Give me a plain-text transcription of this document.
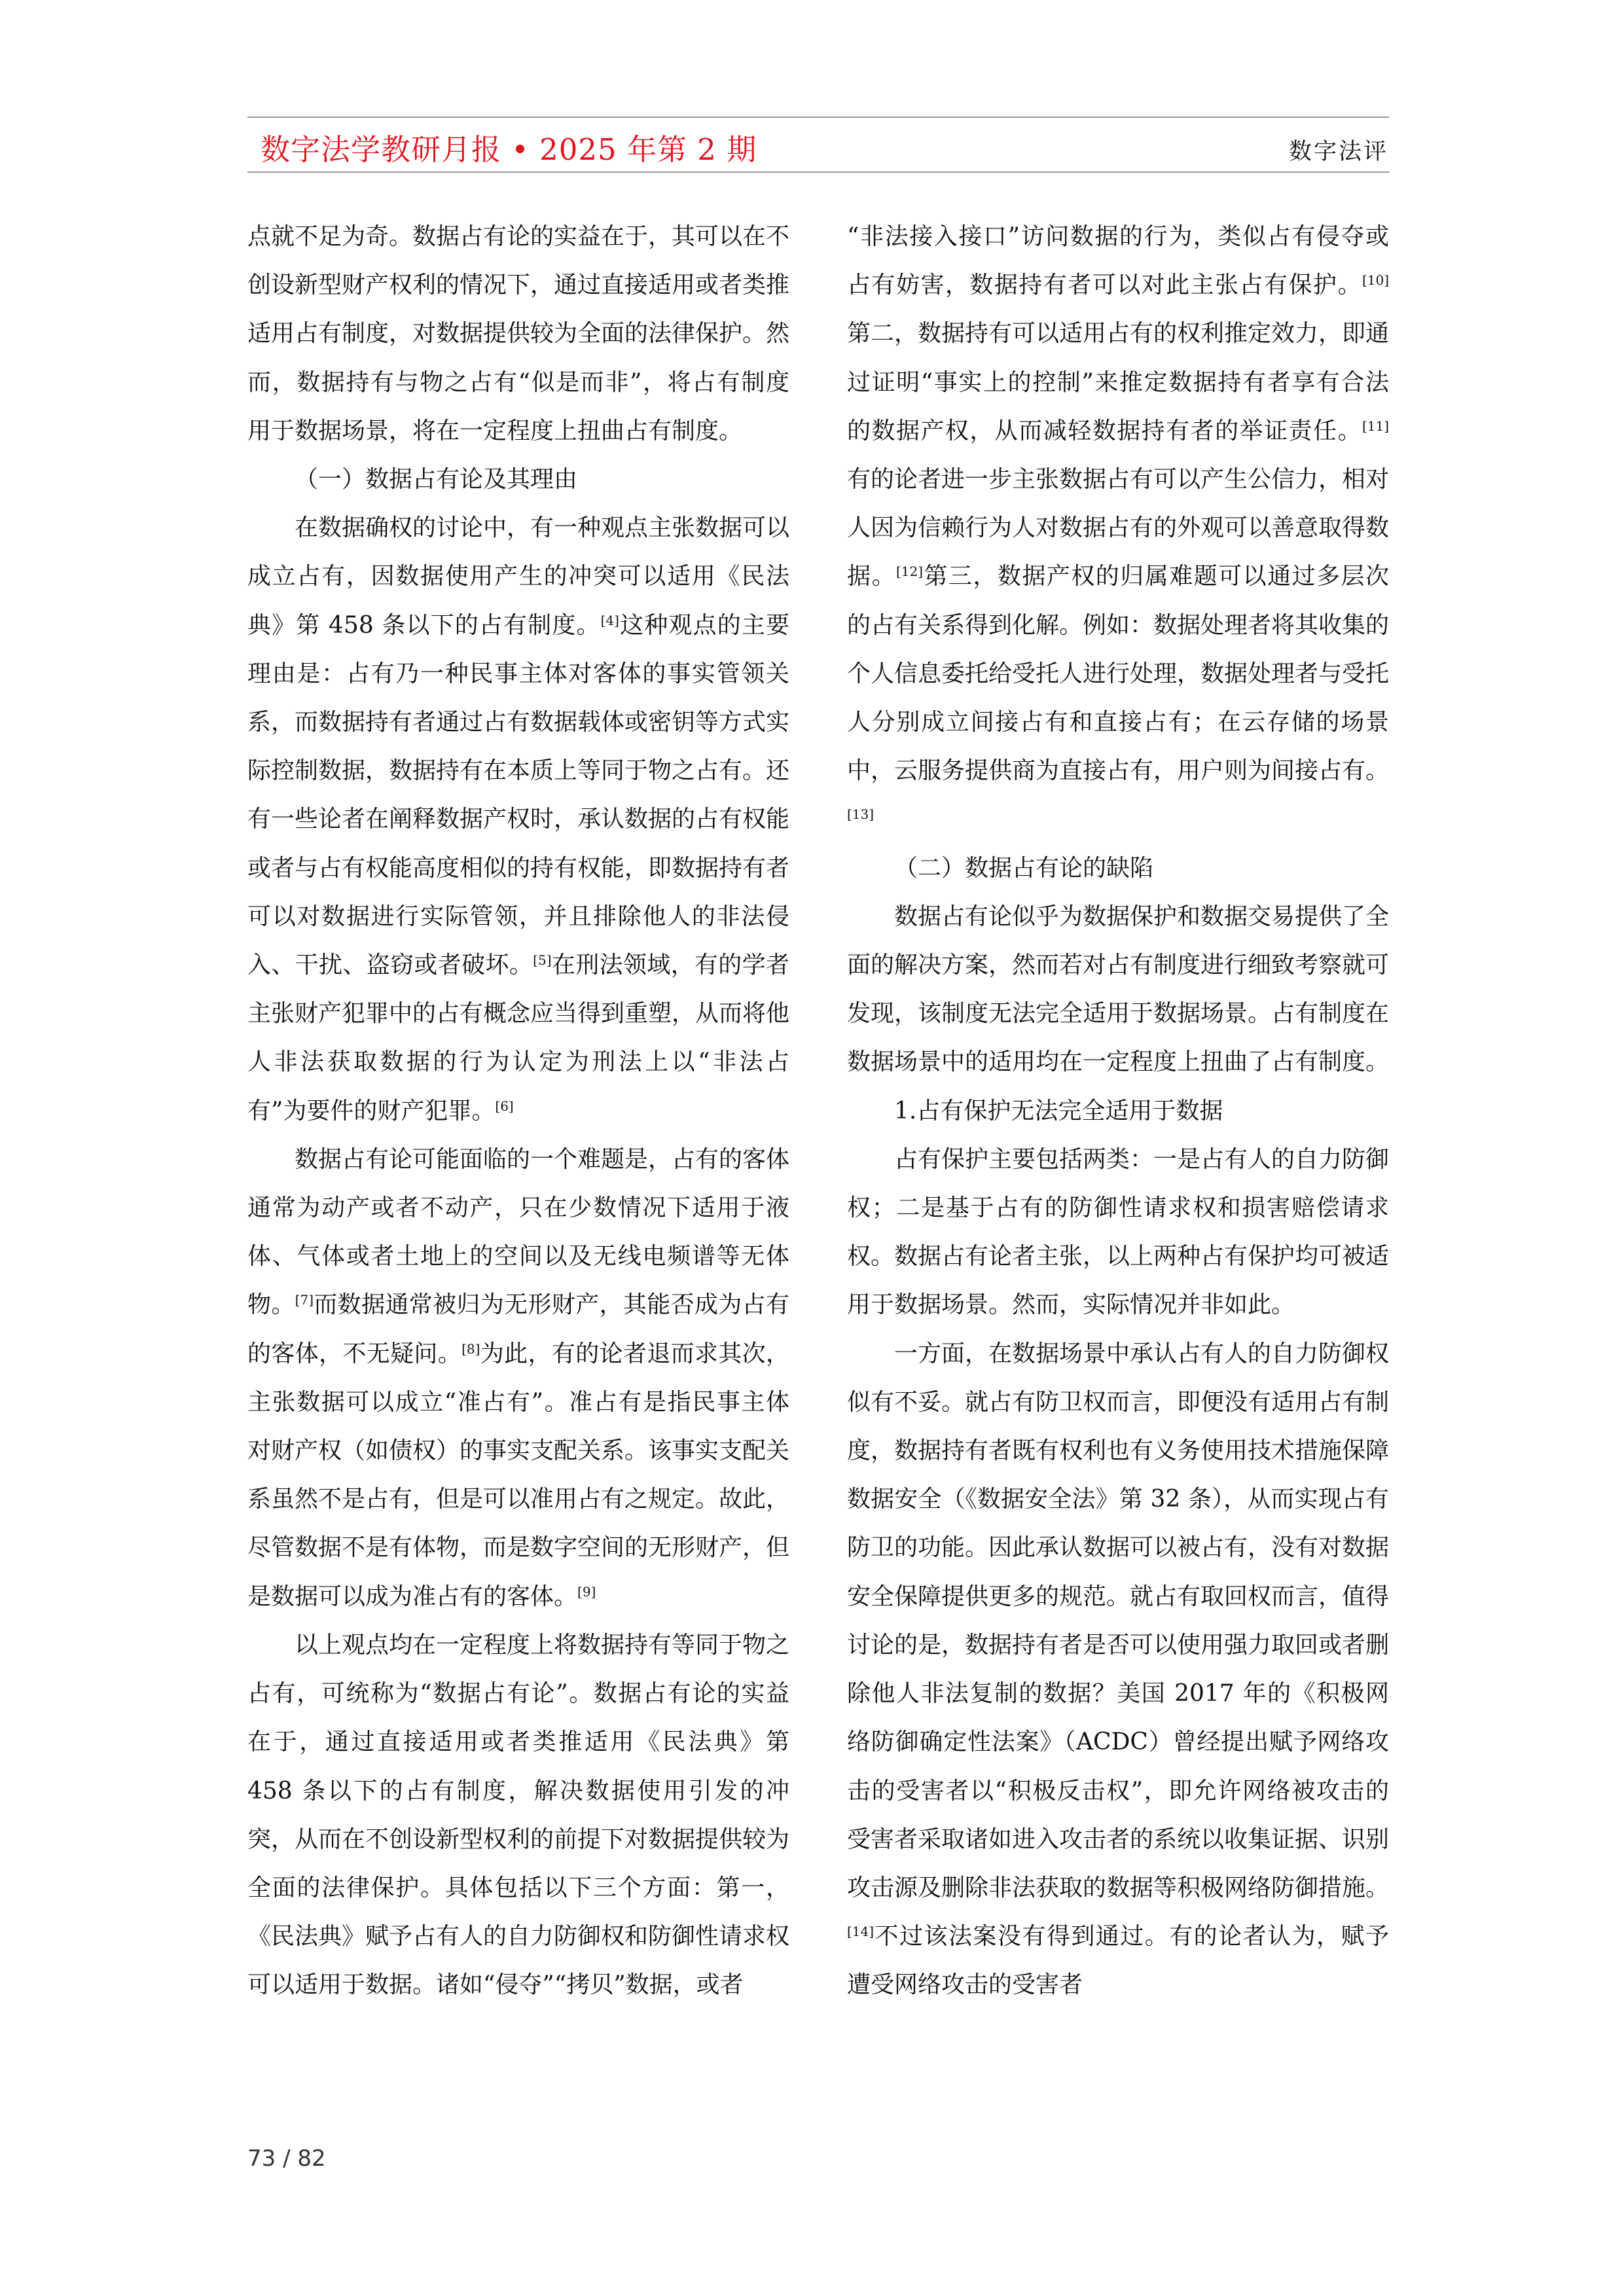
数字法学教研月报 • 2025 年第 2 期	数字法评

点就不足为奇。数据占有论的实益在于，其可以在不创设新型财产权利的情况下，通过直接适用或者类推适用占有制度，对数据提供较为全面的法律保护。然而，数据持有与物之占有“似是而非”，将占有制度用于数据场景，将在一定程度上扭曲占有制度。

（一）数据占有论及其理由

在数据确权的讨论中，有一种观点主张数据可以成立占有，因数据使用产生的冲突可以适用《民法典》第 458 条以下的占有制度。[4]这种观点的主要理由是：占有乃一种民事主体对客体的事实管领关系，而数据持有者通过占有数据载体或密钥等方式实际控制数据，数据持有在本质上等同于物之占有。还有一些论者在阐释数据产权时，承认数据的占有权能或者与占有权能高度相似的持有权能，即数据持有者可以对数据进行实际管领，并且排除他人的非法侵入、干扰、盗窃或者破坏。[5]在刑法领域，有的学者主张财产犯罪中的占有概念应当得到重塑，从而将他人非法获取数据的行为认定为刑法上以“非法占有”为要件的财产犯罪。[6]

数据占有论可能面临的一个难题是，占有的客体通常为动产或者不动产，只在少数情况下适用于液体、气体或者土地上的空间以及无线电频谱等无体物。[7]而数据通常被归为无形财产，其能否成为占有的客体，不无疑问。[8]为此，有的论者退而求其次，主张数据可以成立“准占有”。准占有是指民事主体对财产权（如债权）的事实支配关系。该事实支配关系虽然不是占有，但是可以准用占有之规定。故此，尽管数据不是有体物，而是数字空间的无形财产，但是数据可以成为准占有的客体。[9]

以上观点均在一定程度上将数据持有等同于物之占有，可统称为“数据占有论”。数据占有论的实益在于，通过直接适用或者类推适用《民法典》第 458 条以下的占有制度，解决数据使用引发的冲突，从而在不创设新型权利的前提下对数据提供较为全面的法律保护。具体包括以下三个方面：第一，《民法典》赋予占有人的自力防御权和防御性请求权可以适用于数据。诸如“侵夺”“拷贝”数据，或者

“非法接入接口”访问数据的行为，类似占有侵夺或占有妨害，数据持有者可以对此主张占有保护。[10]第二，数据持有可以适用占有的权利推定效力，即通过证明“事实上的控制”来推定数据持有者享有合法的数据产权，从而减轻数据持有者的举证责任。[11]有的论者进一步主张数据占有可以产生公信力，相对人因为信赖行为人对数据占有的外观可以善意取得数据。[12]第三，数据产权的归属难题可以通过多层次的占有关系得到化解。例如：数据处理者将其收集的个人信息委托给受托人进行处理，数据处理者与受托人分别成立间接占有和直接占有；在云存储的场景中，云服务提供商为直接占有，用户则为间接占有。[13]

（二）数据占有论的缺陷

数据占有论似乎为数据保护和数据交易提供了全面的解决方案，然而若对占有制度进行细致考察就可发现，该制度无法完全适用于数据场景。占有制度在数据场景中的适用均在一定程度上扭曲了占有制度。

1.占有保护无法完全适用于数据

占有保护主要包括两类：一是占有人的自力防御权；二是基于占有的防御性请求权和损害赔偿请求权。数据占有论者主张，以上两种占有保护均可被适用于数据场景。然而，实际情况并非如此。

一方面，在数据场景中承认占有人的自力防御权似有不妥。就占有防卫权而言，即便没有适用占有制度，数据持有者既有权利也有义务使用技术措施保障数据安全（《数据安全法》第 32 条），从而实现占有防卫的功能。因此承认数据可以被占有，没有对数据安全保障提供更多的规范。就占有取回权而言，值得讨论的是，数据持有者是否可以使用强力取回或者删除他人非法复制的数据？美国 2017 年的《积极网络防御确定性法案》（ACDC）曾经提出赋予网络攻击的受害者以“积极反击权”，即允许网络被攻击的受害者采取诸如进入攻击者的系统以收集证据、识别攻击源及删除非法获取的数据等积极网络防御措施。[14]不过该法案没有得到通过。有的论者认为，赋予遭受网络攻击的受害者

73 / 82
